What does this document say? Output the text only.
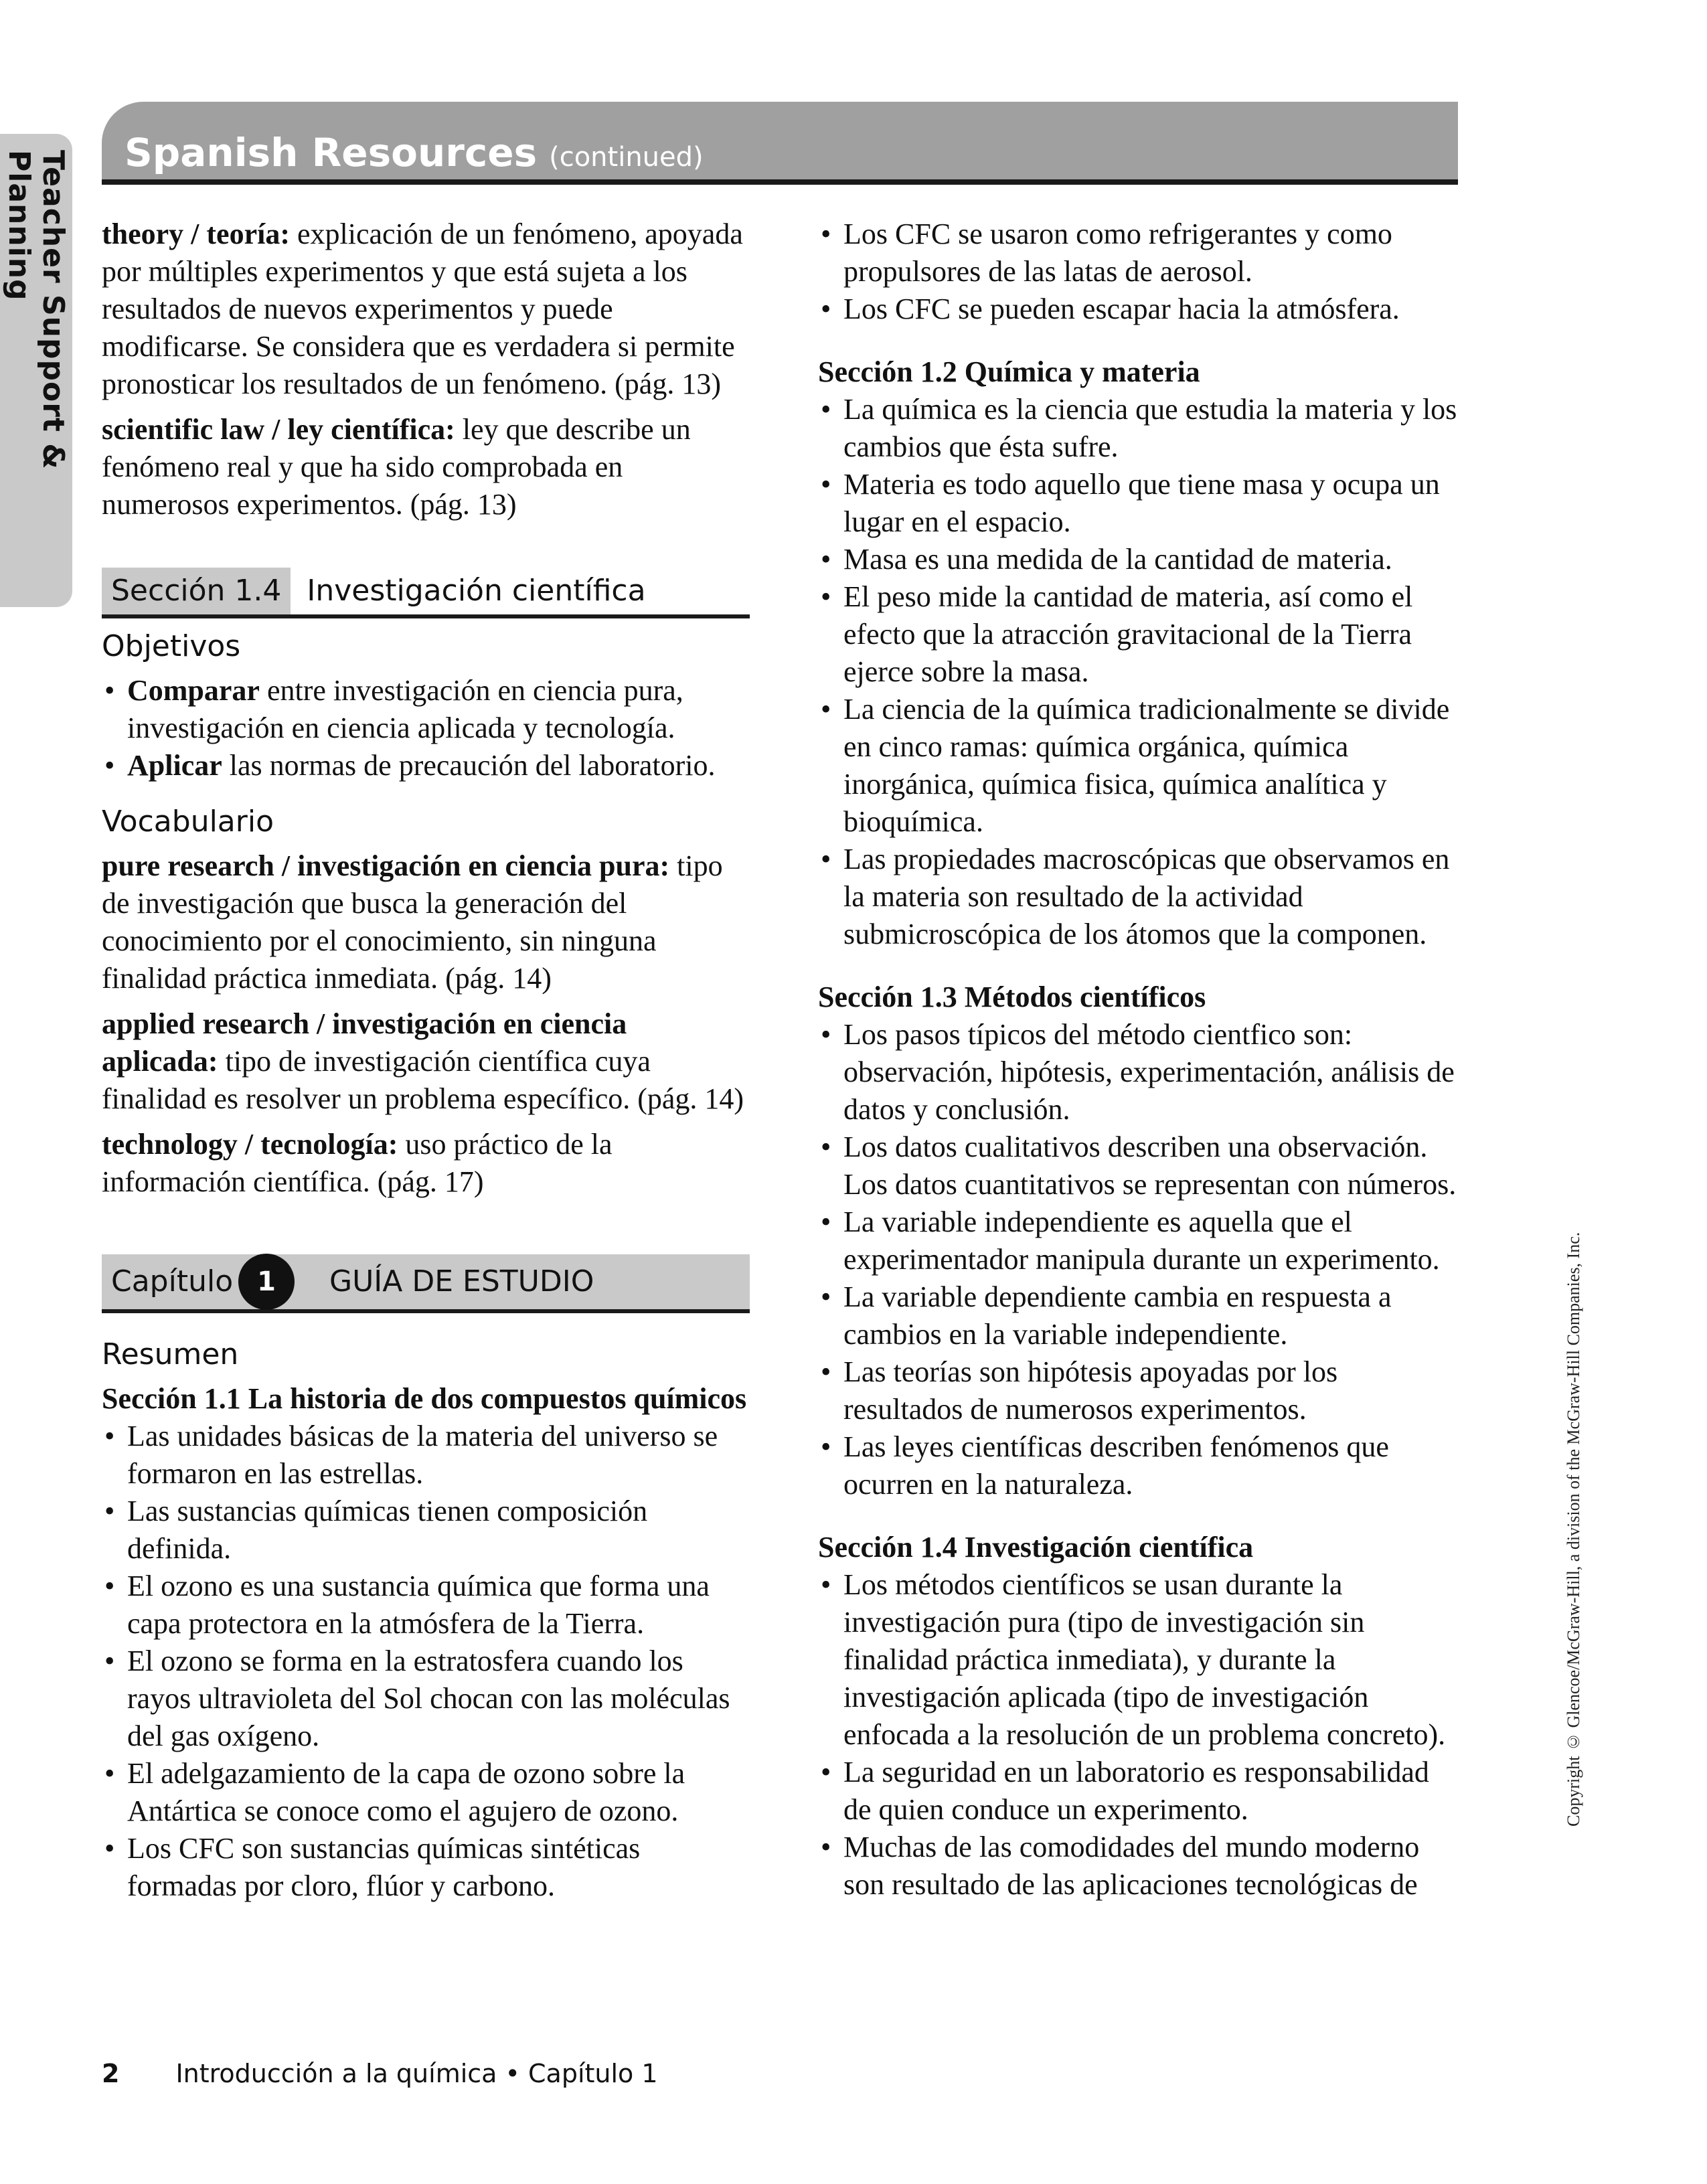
Teacher Support & Planning	Spanish Resources (continued)

theory / teoría: explicación de un fenómeno, apoyada por múltiples experimentos y que está sujeta a los resultados de nuevos experimentos y puede modificarse. Se considera que es verdadera si permite pronosticar los resultados de un fenómeno. (pág. 13)

scientific law / ley científica: ley que describe un fenómeno real y que ha sido comprobada en numerosos experimentos. (pág. 13)

Sección 1.4 Investigación científica
Objetivos
• Comparar entre investigación en ciencia pura, investigación en ciencia aplicada y tecnología.
• Aplicar las normas de precaución del laboratorio.
Vocabulario

pure research / investigación en ciencia pura: tipo de investigación que busca la generación del conocimiento por el conocimiento, sin ninguna finalidad práctica inmediata. (pág. 14)

applied research / investigación en ciencia aplicada: tipo de investigación científica cuya finalidad es resolver un problema específico. (pág. 14)

technology / tecnología: uso práctico de la información científica. (pág. 17)

Capítulo 1	GUÍA DE ESTUDIO
Resumen

Sección 1.1 La historia de dos compuestos químicos

• Las unidades básicas de la materia del universo se formaron en las estrellas.
• Las sustancias químicas tienen composición definida.
• El ozono es una sustancia química que forma una capa protectora en la atmósfera de la Tierra.
• El ozono se forma en la estratosfera cuando los rayos ultravioleta del Sol chocan con las moléculas del gas oxígeno.
• El adelgazamiento de la capa de ozono sobre la Antártica se conoce como el agujero de ozono.
• Los CFC son sustancias químicas sintéticas formadas por cloro, flúor y carbono.
• Los CFC se usaron como refrigerantes y como propulsores de las latas de aerosol.
• Los CFC se pueden escapar hacia la atmósfera.

Sección 1.2 Química y materia

• La química es la ciencia que estudia la materia y los cambios que ésta sufre.
• Materia es todo aquello que tiene masa y ocupa un lugar en el espacio.
• Masa es una medida de la cantidad de materia.
• El peso mide la cantidad de materia, así como el efecto que la atracción gravitacional de la Tierra ejerce sobre la masa.
• La ciencia de la química tradicionalmente se divide en cinco ramas: química orgánica, química inorgánica, química fisica, química analítica y bioquímica.
• Las propiedades macroscópicas que observamos en la materia son resultado de la actividad submicroscópica de los átomos que la componen.

Sección 1.3 Métodos científicos

• Los pasos típicos del método cientfico son: observación, hipótesis, experimentación, análisis de datos y conclusión.
• Los datos cualitativos describen una observación. Los datos cuantitativos se representan con números.
• La variable independiente es aquella que el experimentador manipula durante un experimento.
• La variable dependiente cambia en respuesta a cambios en la variable independiente.
• Las teorías son hipótesis apoyadas por los resultados de numerosos experimentos.
• Las leyes científicas describen fenómenos que ocurren en la naturaleza.

Sección 1.4 Investigación científica

• Los métodos científicos se usan durante la investigación pura (tipo de investigación sin finalidad práctica inmediata), y durante la investigación aplicada (tipo de investigación enfocada a la resolución de un problema concreto).
• La seguridad en un laboratorio es responsabilidad de quien conduce un experimento.
• Muchas de las comodidades del mundo moderno son resultado de las aplicaciones tecnológicas de
Copyright © Glencoe/McGraw-Hill, a division of the McGraw-Hill Companies, Inc.
2 Introducción a la química • Capítulo 1
